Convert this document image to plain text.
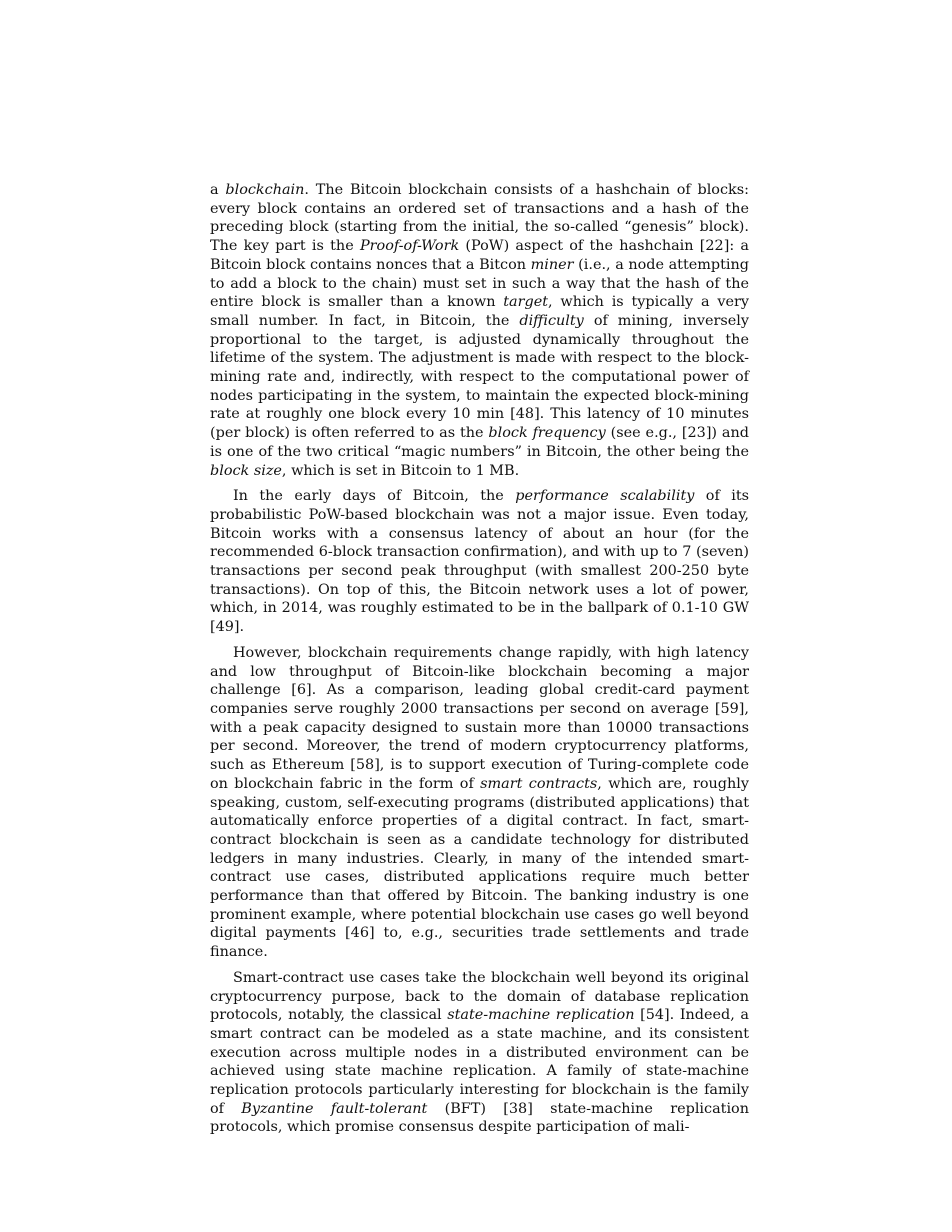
a blockchain. The Bitcoin blockchain consists of a hashchain of blocks: every block contains an ordered set of transactions and a hash of the preceding block (starting from the initial, the so-called “genesis” block). The key part is the Proof-of-Work (PoW) aspect of the hashchain [22]: a Bitcoin block contains nonces that a Bitcon miner (i.e., a node attempting to add a block to the chain) must set in such a way that the hash of the entire block is smaller than a known target, which is typically a very small number. In fact, in Bitcoin, the difficulty of mining, inversely proportional to the target, is adjusted dynamically throughout the lifetime of the system. The adjustment is made with respect to the block-mining rate and, indirectly, with respect to the computational power of nodes participating in the system, to maintain the expected block-mining rate at roughly one block every 10 min [48]. This latency of 10 minutes (per block) is often referred to as the block frequency (see e.g., [23]) and is one of the two critical “magic numbers” in Bitcoin, the other being the block size, which is set in Bitcoin to 1 MB.

In the early days of Bitcoin, the performance scalability of its probabilistic PoW-based blockchain was not a major issue. Even today, Bitcoin works with a consensus latency of about an hour (for the recommended 6-block transaction confirmation), and with up to 7 (seven) transactions per second peak throughput (with smallest 200-250 byte transactions). On top of this, the Bitcoin network uses a lot of power, which, in 2014, was roughly estimated to be in the ballpark of 0.1-10 GW [49].

However, blockchain requirements change rapidly, with high latency and low throughput of Bitcoin-like blockchain becoming a major challenge [6]. As a comparison, leading global credit-card payment companies serve roughly 2000 transactions per second on average [59], with a peak capacity designed to sustain more than 10000 transactions per second. Moreover, the trend of modern cryptocurrency platforms, such as Ethereum [58], is to support execution of Turing-complete code on blockchain fabric in the form of smart contracts, which are, roughly speaking, custom, self-executing programs (distributed applications) that automatically enforce properties of a digital contract. In fact, smart-contract blockchain is seen as a candidate technology for distributed ledgers in many industries. Clearly, in many of the intended smart-contract use cases, distributed applications require much better performance than that offered by Bitcoin. The banking industry is one prominent example, where potential blockchain use cases go well beyond digital payments [46] to, e.g., securities trade settlements and trade finance.

Smart-contract use cases take the blockchain well beyond its original cryptocurrency purpose, back to the domain of database replication protocols, notably, the classical state-machine replication [54]. Indeed, a smart contract can be modeled as a state machine, and its consistent execution across multiple nodes in a distributed environment can be achieved using state machine replication. A family of state-machine replication protocols particularly interesting for blockchain is the family of Byzantine fault-tolerant (BFT) [38] state-machine replication protocols, which promise consensus despite participation of mali-
